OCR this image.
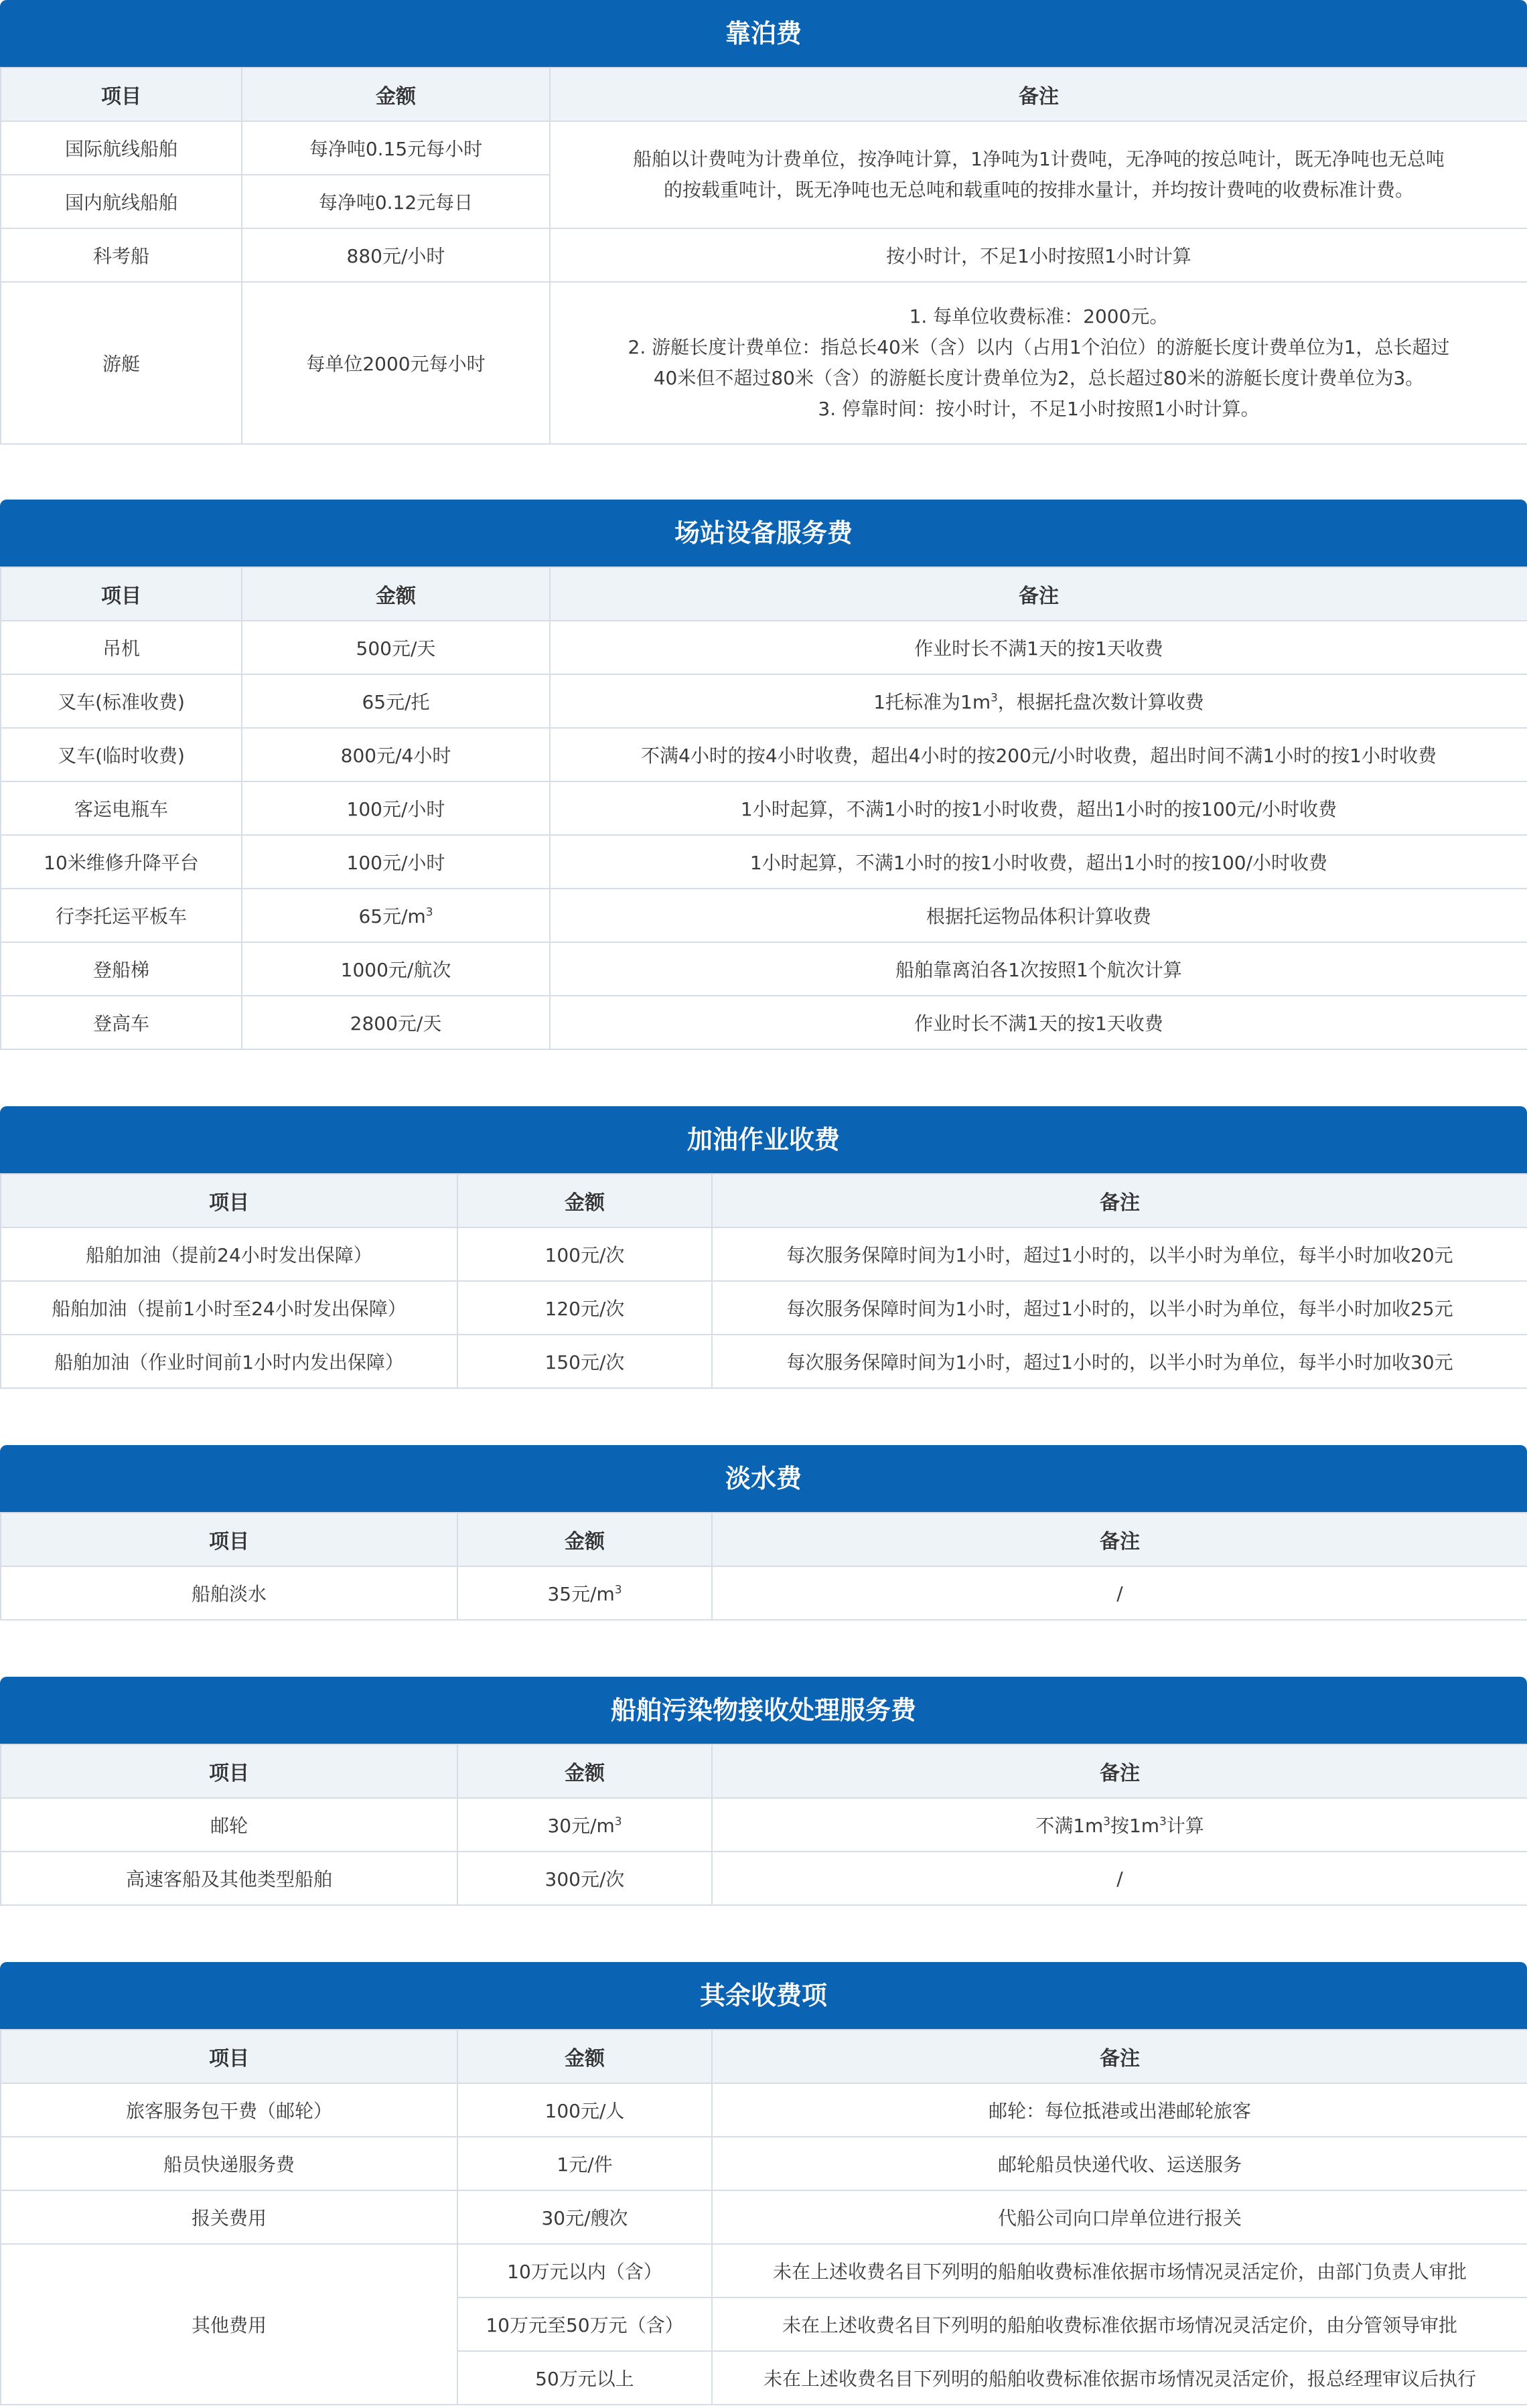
靠泊费
项目	金额	备注
国际航线船舶	每净吨0.15元每小时	船舶以计费吨为计费单位，按净吨计算，1净吨为1计费吨，无净吨的按总吨计，既无净吨也无总吨
的按载重吨计，既无净吨也无总吨和载重吨的按排水量计，并均按计费吨的收费标准计费。

国内航线船舶	每净吨0.12元每日	
科考船	880元/小时	按小时计，不足1小时按照1小时计算
游艇	每单位2000元每小时	1. 每单位收费标准：2000元。
2. 游艇长度计费单位：指总长40米（含）以内（占用1个泊位）的游艇长度计费单位为1，总长超过
40米但不超过80米（含）的游艇长度计费单位为2，总长超过80米的游艇长度计费单位为3。
3. 停靠时间：按小时计，不足1小时按照1小时计算。
场站设备服务费
项目	金额	备注
吊机	500元/天	作业时长不满1天的按1天收费
叉车(标准收费)	65元/托	1托标准为$1m^3$，根据托盘次数计算收费
叉车(临时收费)	800元/4小时	不满4小时的按4小时收费，超出4小时的按200元/小时收费，超出时间不满1小时的按1小时收费
客运电瓶车	100元/小时	1小时起算，不满1小时的按1小时收费，超出1小时的按100元/小时收费
10米维修升降平台	100元/小时	1小时起算，不满1小时的按1小时收费，超出1小时的按100/小时收费
行李托运平板车	65元$/m^3$	根据托运物品体积计算收费
登船梯	1000元/航次	船舶靠离泊各1次按照1个航次计算
登高车	2800元/天	作业时长不满1天的按1天收费
加油作业收费
项目	金额	备注
船舶加油（提前24小时发出保障）	100元/次	每次服务保障时间为1小时，超过1小时的，以半小时为单位，每半小时加收20元
船舶加油（提前1小时至24小时发出保障）	120元/次	每次服务保障时间为1小时，超过1小时的，以半小时为单位，每半小时加收25元
船舶加油（作业时间前1小时内发出保障）	150元/次	每次服务保障时间为1小时，超过1小时的，以半小时为单位，每半小时加收30元
淡水费
项目	金额	备注
船舶淡水	35元$/m^3$	/
船舶污染物接收处理服务费
项目	金额	备注
邮轮	30元$/m^3$	不满$1m^3$按$1m^3$计算
高速客船及其他类型船舶	300元/次	/
其余收费项
项目	金额	备注
旅客服务包干费（邮轮）	100元/人	邮轮：每位抵港或出港邮轮旅客
船员快递服务费	1元/件	邮轮船员快递代收、运送服务
报关费用	30元/艘次	代船公司向口岸单位进行报关
其他费用	10万元以内（含）	未在上述收费名目下列明的船舶收费标准依据市场情况灵活定价，由部门负责人审批
	10万元至50万元（含）	未在上述收费名目下列明的船舶收费标准依据市场情况灵活定价，由分管领导审批
	50万元以上	未在上述收费名目下列明的船舶收费标准依据市场情况灵活定价，报总经理审议后执行
